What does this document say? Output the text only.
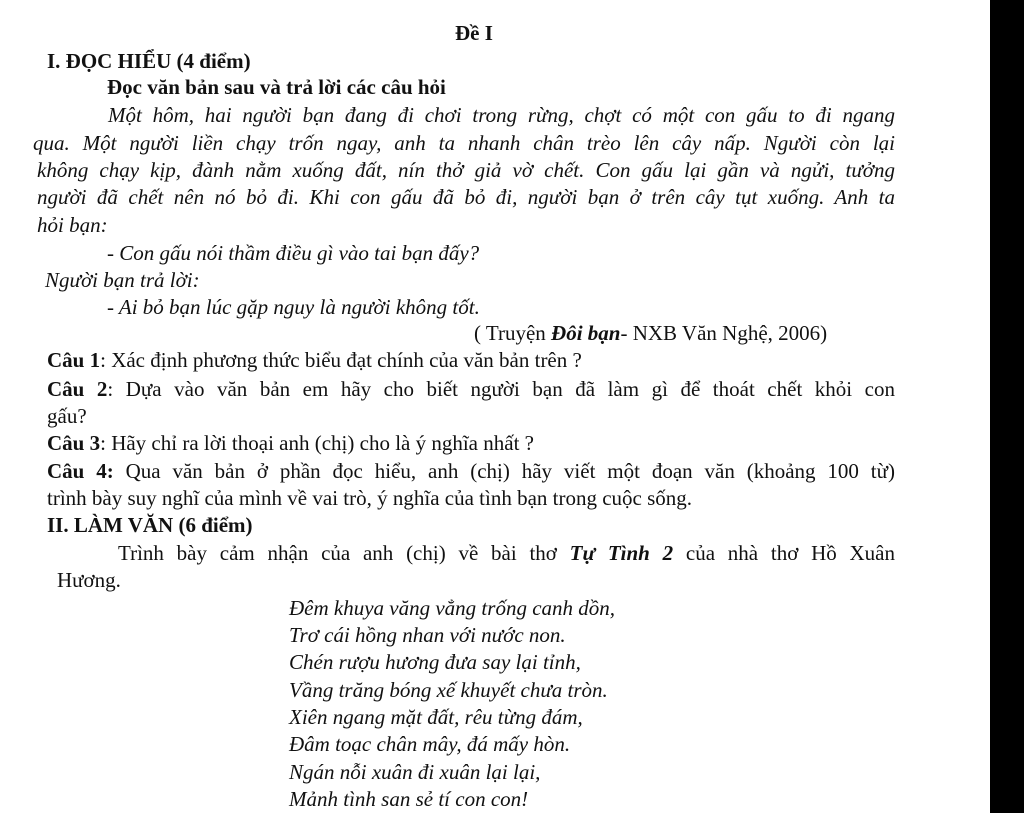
Đề I
I. ĐỌC HIỂU (4 điểm)
Đọc văn bản sau và trả lời các câu hỏi
Một hôm, hai người bạn đang đi chơi trong rừng, chợt có một con gấu to đi ngang
qua. Một người liền chạy trốn ngay, anh ta nhanh chân trèo lên cây nấp. Người còn lại
không chạy kịp, đành nằm xuống đất, nín thở giả vờ chết. Con gấu lại gần và ngửi, tưởng
người đã chết nên nó bỏ đi. Khi con gấu đã bỏ đi, người bạn ở trên cây tụt xuống. Anh ta
hỏi bạn:
- Con gấu nói thầm điều gì vào tai bạn đấy?
Người bạn trả lời:
- Ai bỏ bạn lúc gặp nguy là người không tốt.
( Truyện Đôi bạn- NXB Văn Nghệ, 2006)
Câu 1: Xác định phương thức biểu đạt chính của văn bản trên ?
Câu 2: Dựa vào văn bản em hãy cho biết người bạn đã làm gì để thoát chết khỏi con
gấu?
Câu 3: Hãy chỉ ra lời thoại anh (chị) cho là ý nghĩa nhất ?
Câu 4: Qua văn bản ở phần đọc hiểu, anh (chị) hãy viết một đoạn văn (khoảng 100 từ)
trình bày suy nghĩ của mình về vai trò, ý nghĩa của tình bạn trong cuộc sống.
II. LÀM VĂN (6 điểm)
Trình bày cảm nhận của anh (chị) về bài thơ Tự Tình 2 của nhà thơ Hồ Xuân
Hương.
Đêm khuya văng vẳng trống canh dồn,
Trơ cái hồng nhan với nước non.
Chén rượu hương đưa say lại tỉnh,
Vầng trăng bóng xế khuyết chưa tròn.
Xiên ngang mặt đất, rêu từng đám,
Đâm toạc chân mây, đá mấy hòn.
Ngán nỗi xuân đi xuân lại lại,
Mảnh tình san sẻ tí con con!
